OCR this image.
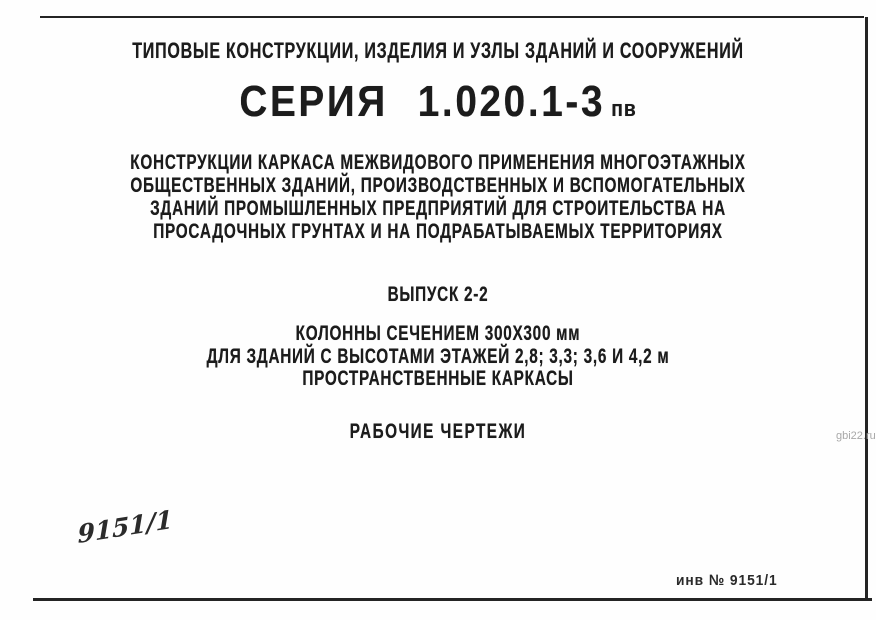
ТИПОВЫЕ КОНСТРУКЦИИ, ИЗДЕЛИЯ И УЗЛЫ ЗДАНИЙ И СООРУЖЕНИЙ
СЕРИЯ 1.020.1-3 пв
КОНСТРУКЦИИ КАРКАСА МЕЖВИДОВОГО ПРИМЕНЕНИЯ МНОГОЭТАЖНЫХ
ОБЩЕСТВЕННЫХ ЗДАНИЙ, ПРОИЗВОДСТВЕННЫХ И ВСПОМОГАТЕЛЬНЫХ
ЗДАНИЙ ПРОМЫШЛЕННЫХ ПРЕДПРИЯТИЙ ДЛЯ СТРОИТЕЛЬСТВА НА
ПРОСАДОЧНЫХ ГРУНТАХ И НА ПОДРАБАТЫВАЕМЫХ ТЕРРИТОРИЯХ
ВЫПУСК 2-2
КОЛОННЫ СЕЧЕНИЕМ 300Х300 мм
ДЛЯ ЗДАНИЙ С ВЫСОТАМИ ЭТАЖЕЙ 2,8; 3,3; 3,6 И 4,2 м
ПРОСТРАНСТВЕННЫЕ КАРКАСЫ
РАБОЧИЕ ЧЕРТЕЖИ	gbi22.ru
9151/1
инв № 9151/1
